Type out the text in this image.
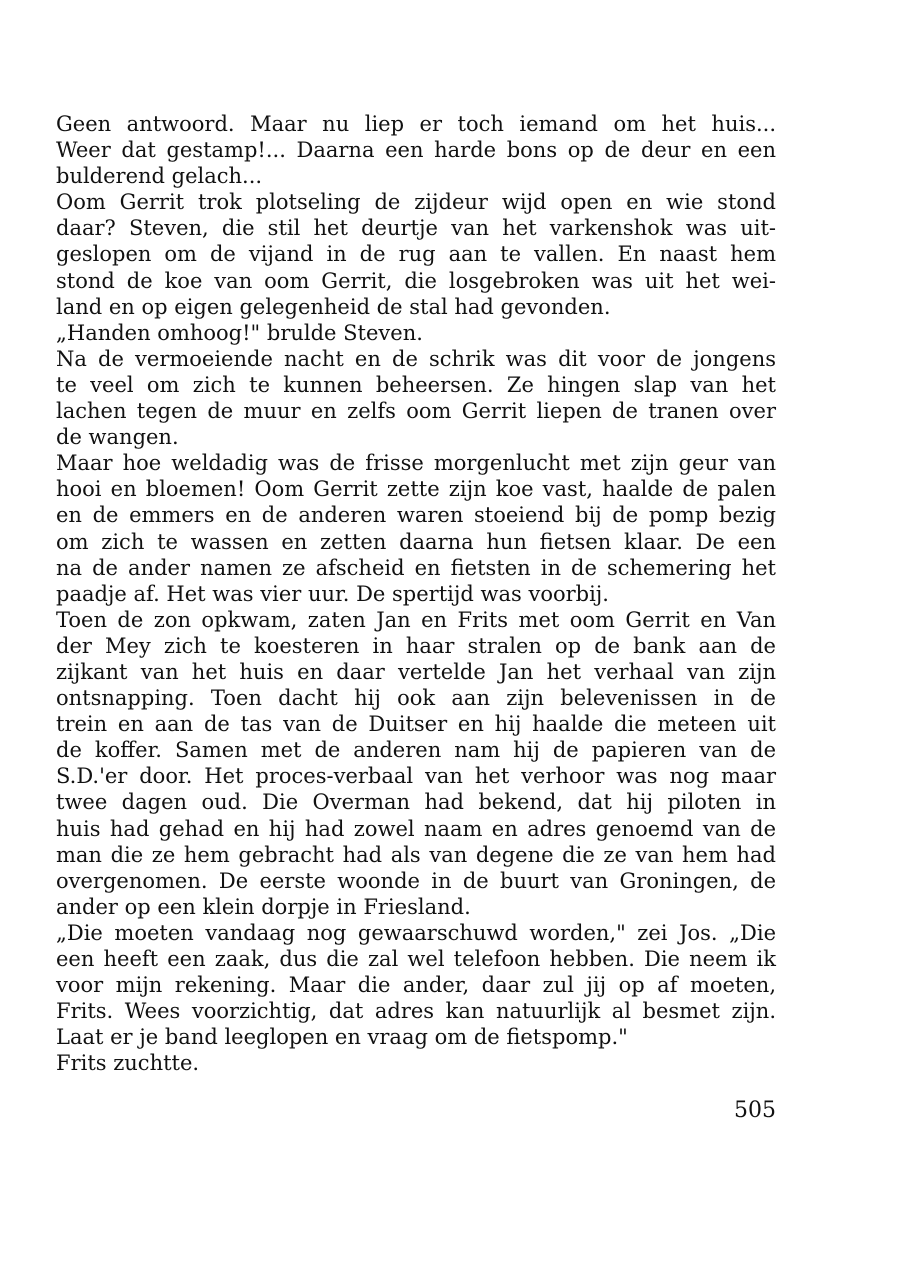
Geen antwoord. Maar nu liep er toch iemand om het huis...
Weer dat gestamp!... Daarna een harde bons op de deur en een
bulderend gelach...
Oom Gerrit trok plotseling de zijdeur wijd open en wie stond
daar? Steven, die stil het deurtje van het varkenshok was uit-
geslopen om de vijand in de rug aan te vallen. En naast hem
stond de koe van oom Gerrit, die losgebroken was uit het wei-
land en op eigen gelegenheid de stal had gevonden.
„Handen omhoog!" brulde Steven.
Na de vermoeiende nacht en de schrik was dit voor de jongens
te veel om zich te kunnen beheersen. Ze hingen slap van het
lachen tegen de muur en zelfs oom Gerrit liepen de tranen over
de wangen.
Maar hoe weldadig was de frisse morgenlucht met zijn geur van
hooi en bloemen! Oom Gerrit zette zijn koe vast, haalde de palen
en de emmers en de anderen waren stoeiend bij de pomp bezig
om zich te wassen en zetten daarna hun fietsen klaar. De een
na de ander namen ze afscheid en fietsten in de schemering het
paadje af. Het was vier uur. De spertijd was voorbij.
Toen de zon opkwam, zaten Jan en Frits met oom Gerrit en Van
der Mey zich te koesteren in haar stralen op de bank aan de
zijkant van het huis en daar vertelde Jan het verhaal van zijn
ontsnapping. Toen dacht hij ook aan zijn belevenissen in de
trein en aan de tas van de Duitser en hij haalde die meteen uit
de koffer. Samen met de anderen nam hij de papieren van de
S.D.'er door. Het proces-verbaal van het verhoor was nog maar
twee dagen oud. Die Overman had bekend, dat hij piloten in
huis had gehad en hij had zowel naam en adres genoemd van de
man die ze hem gebracht had als van degene die ze van hem had
overgenomen. De eerste woonde in de buurt van Groningen, de
ander op een klein dorpje in Friesland.
„Die moeten vandaag nog gewaarschuwd worden," zei Jos. „Die
een heeft een zaak, dus die zal wel telefoon hebben. Die neem ik
voor mijn rekening. Maar die ander, daar zul jij op af moeten,
Frits. Wees voorzichtig, dat adres kan natuurlijk al besmet zijn.
Laat er je band leeglopen en vraag om de fietspomp."
Frits zuchtte.
505
